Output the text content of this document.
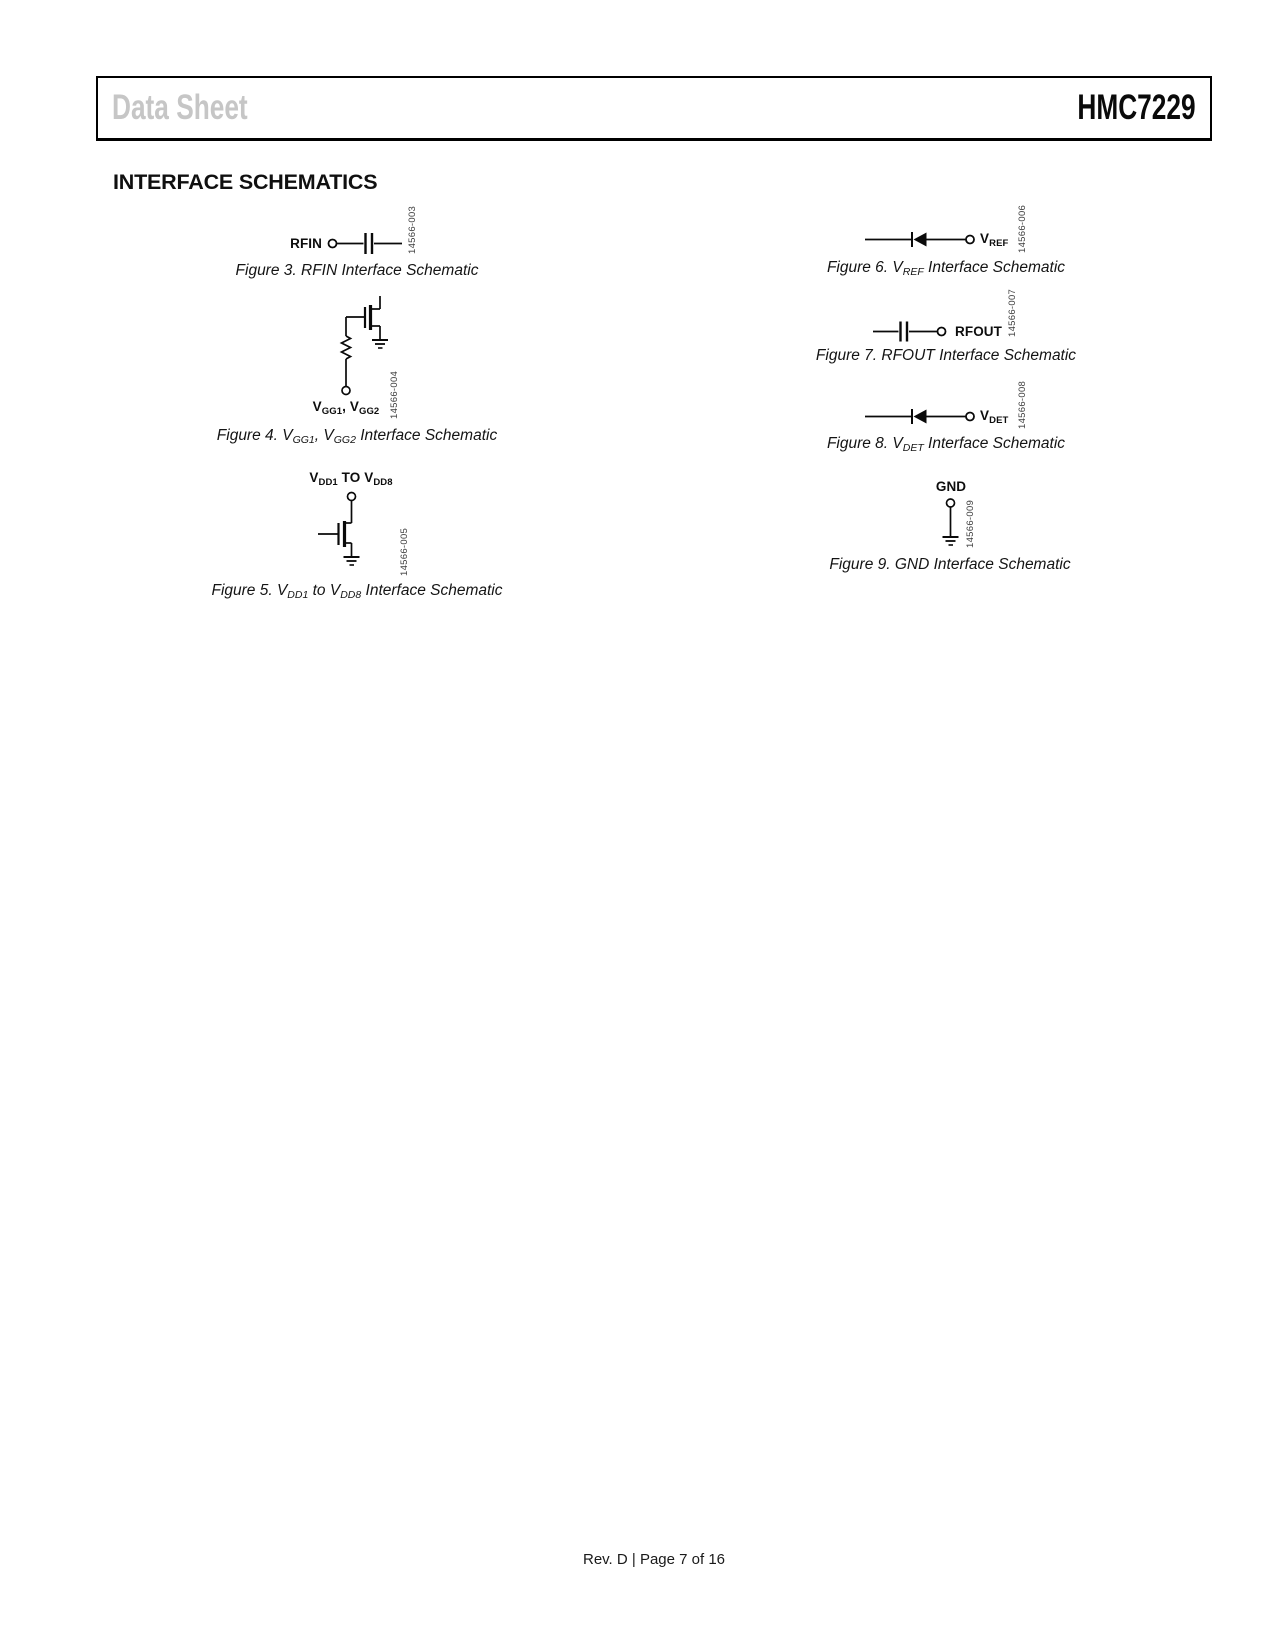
Data Sheet	HMC7229
INTERFACE SCHEMATICS
RFIN	14566-003
Figure 3. RFIN Interface Schematic
$V_{GG1}$, $V_{GG2}$	14566-004
Figure 4. VGG1, VGG2 Interface Schematic
$V_{DD1}$ TO $V_{DD8}$
14566-005
Figure 5. VDD1 to VDD8 Interface Schematic
$V_{REF}$ 14566-006
Figure 6. VREF Interface Schematic
RFOUT 14566-007
Figure 7. RFOUT Interface Schematic
$V_{DET}$ 14566-008
Figure 8. VDET Interface Schematic
GND
14566-009
Figure 9. GND Interface Schematic
Rev. D | Page 7 of 16
